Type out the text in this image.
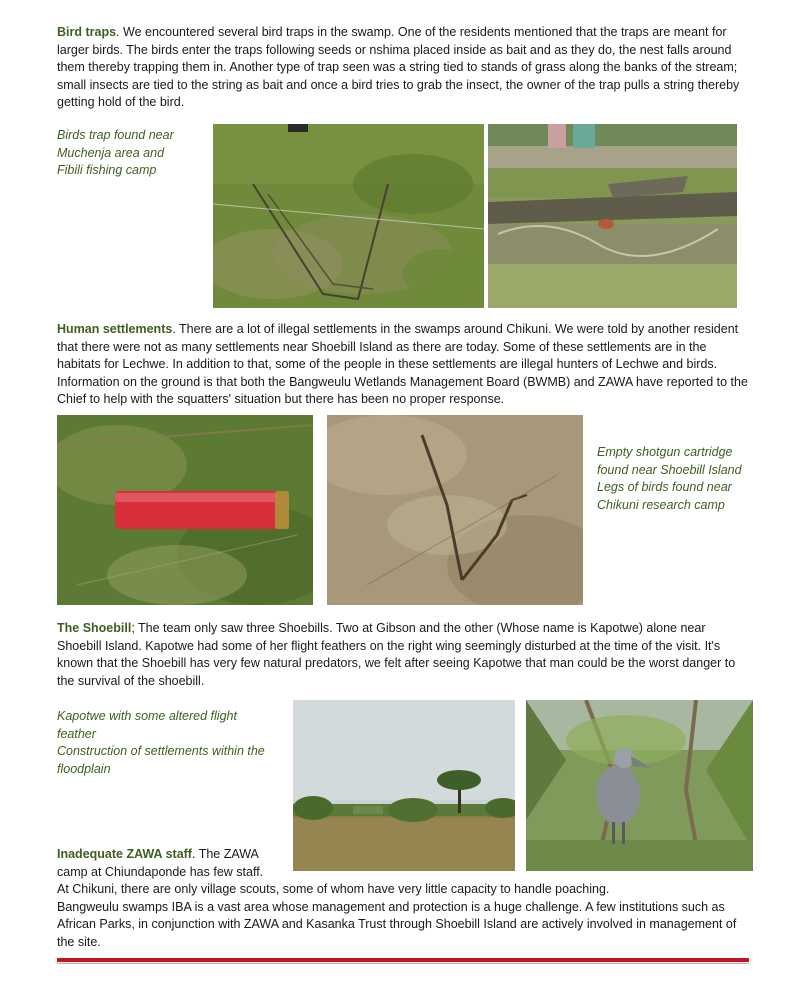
Bird traps. We encountered several bird traps in the swamp. One of the residents mentioned that the traps are meant for larger birds. The birds enter the traps following seeds or nshima placed inside as bait and as they do, the nest falls around them thereby trapping them in. Another type of trap seen was a string tied to stands of grass along the banks of the stream; small insects are tied to the string as bait and once a bird tries to grab the insect, the owner of the trap pulls a string thereby getting hold of the bird.
Birds trap found near
Muchenja area and
Fibili fishing camp
Human settlements. There are a lot of illegal settlements in the swamps around Chikuni. We were told by another resident that there were not as many settlements near Shoebill Island as there are today. Some of these settlements are in the habitats for Lechwe. In addition to that, some of the people in these settlements are illegal hunters of Lechwe and birds. Information on the ground is that both the Bangweulu Wetlands Management Board (BWMB) and ZAWA have reported to the Chief to help with the squatters' situation but there has been no proper response.
Empty shotgun cartridge
found near Shoebill Island
Legs of birds found near
Chikuni research camp
The Shoebill; The team only saw three Shoebills. Two at Gibson and the other (Whose name is Kapotwe) alone near Shoebill Island. Kapotwe had some of her flight feathers on the right wing seemingly disturbed at the time of the visit. It's known that the Shoebill has very few natural predators, we felt after seeing Kapotwe that man could be the worst danger to the survival of the shoebill.
Kapotwe with some altered flight
feather
Construction of settlements within the
floodplain
Inadequate ZAWA staff. The ZAWA
camp at Chiundaponde has few staff.
At Chikuni, there are only village scouts, some of whom have very little capacity to handle poaching.
Bangweulu swamps IBA is a vast area whose management and protection is a huge challenge. A few institutions such as African Parks, in conjunction with ZAWA and Kasanka Trust through Shoebill Island are actively involved in management of the site.
